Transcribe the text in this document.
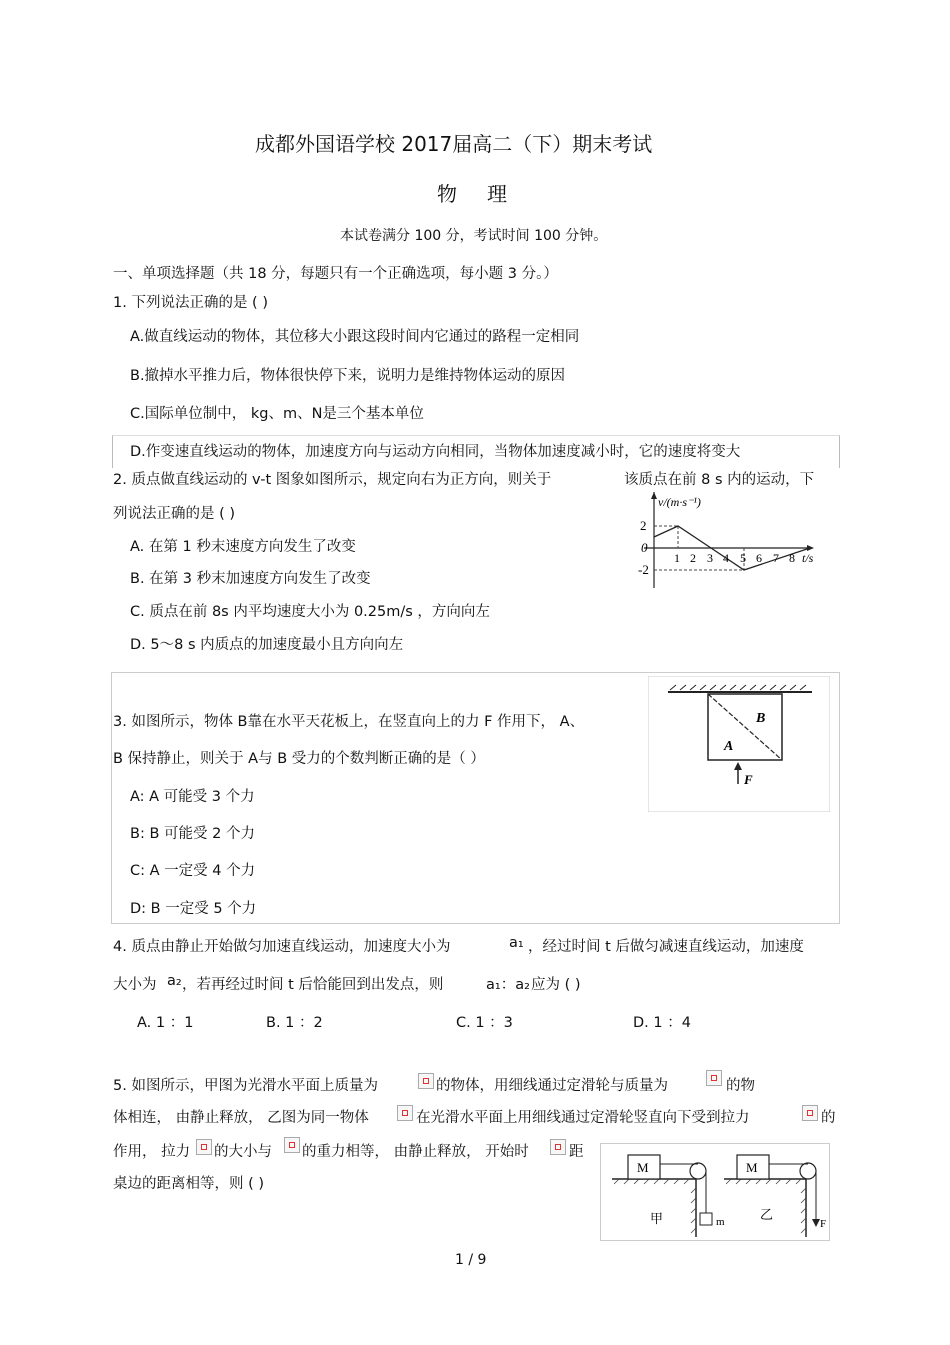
成都外国语学校 2017届高二（下）期末考试
物理
本试卷满分 100 分，考试时间 100 分钟。
一、单项选择题（共 18 分，每题只有一个正确选项，每小题 3 分。）
1. 下列说法正确的是 ( )
A.做直线运动的物体，其位移大小跟这段时间内它通过的路程一定相同
B.撤掉水平推力后，物体很快停下来，说明力是维持物体运动的原因
C.国际单位制中， kg、m、N是三个基本单位
D.作变速直线运动的物体，加速度方向与运动方向相同，当物体加速度减小时，它的速度将变大
2. 质点做直线运动的 v-t 图象如图所示，规定向右为正方向，则关于	该质点在前 8 s 内的运动，下
列说法正确的是 ( )
A. 在第 1 秒末速度方向发生了改变
B. 在第 3 秒末加速度方向发生了改变
C. 质点在前 8s 内平均速度大小为 0.25m/s ，方向向左
D. 5～8 s 内质点的加速度最小且方向向左
v/(m·s⁻¹)
2
-2
0
1 2 3 4 5 6 7 8 t/s
3. 如图所示，物体 B靠在水平天花板上，在竖直向上的力 F 作用下， A、
B 保持静止，则关于 A与 B 受力的个数判断正确的是（ ）
A: A 可能受 3 个力
B: B 可能受 2 个力
C: A 一定受 4 个力
D: B 一定受 5 个力
B
A
F
4. 质点由静止开始做匀加速直线运动，加速度大小为	a₁ ，经过时间 t 后做匀减速直线运动，加速度
大小为 a₂ ，若再经过时间 t 后恰能回到出发点，则	a₁：a₂ 应为 ( )
A. 1 ：1	B. 1 ：2	C. 1 ：3	D. 1 ：4
5. 如图所示，甲图为光滑水平面上质量为	的物体，用细线通过定滑轮与质量为	的物
体相连， 由静止释放， 乙图为同一物体	在光滑水平面上用细线通过定滑轮竖直向下受到拉力	的
作用， 拉力 的大小与 的重力相等， 由静止释放， 开始时	距
桌边的距离相等，则 ( )
M
m
甲
M
F
乙
1 / 9
